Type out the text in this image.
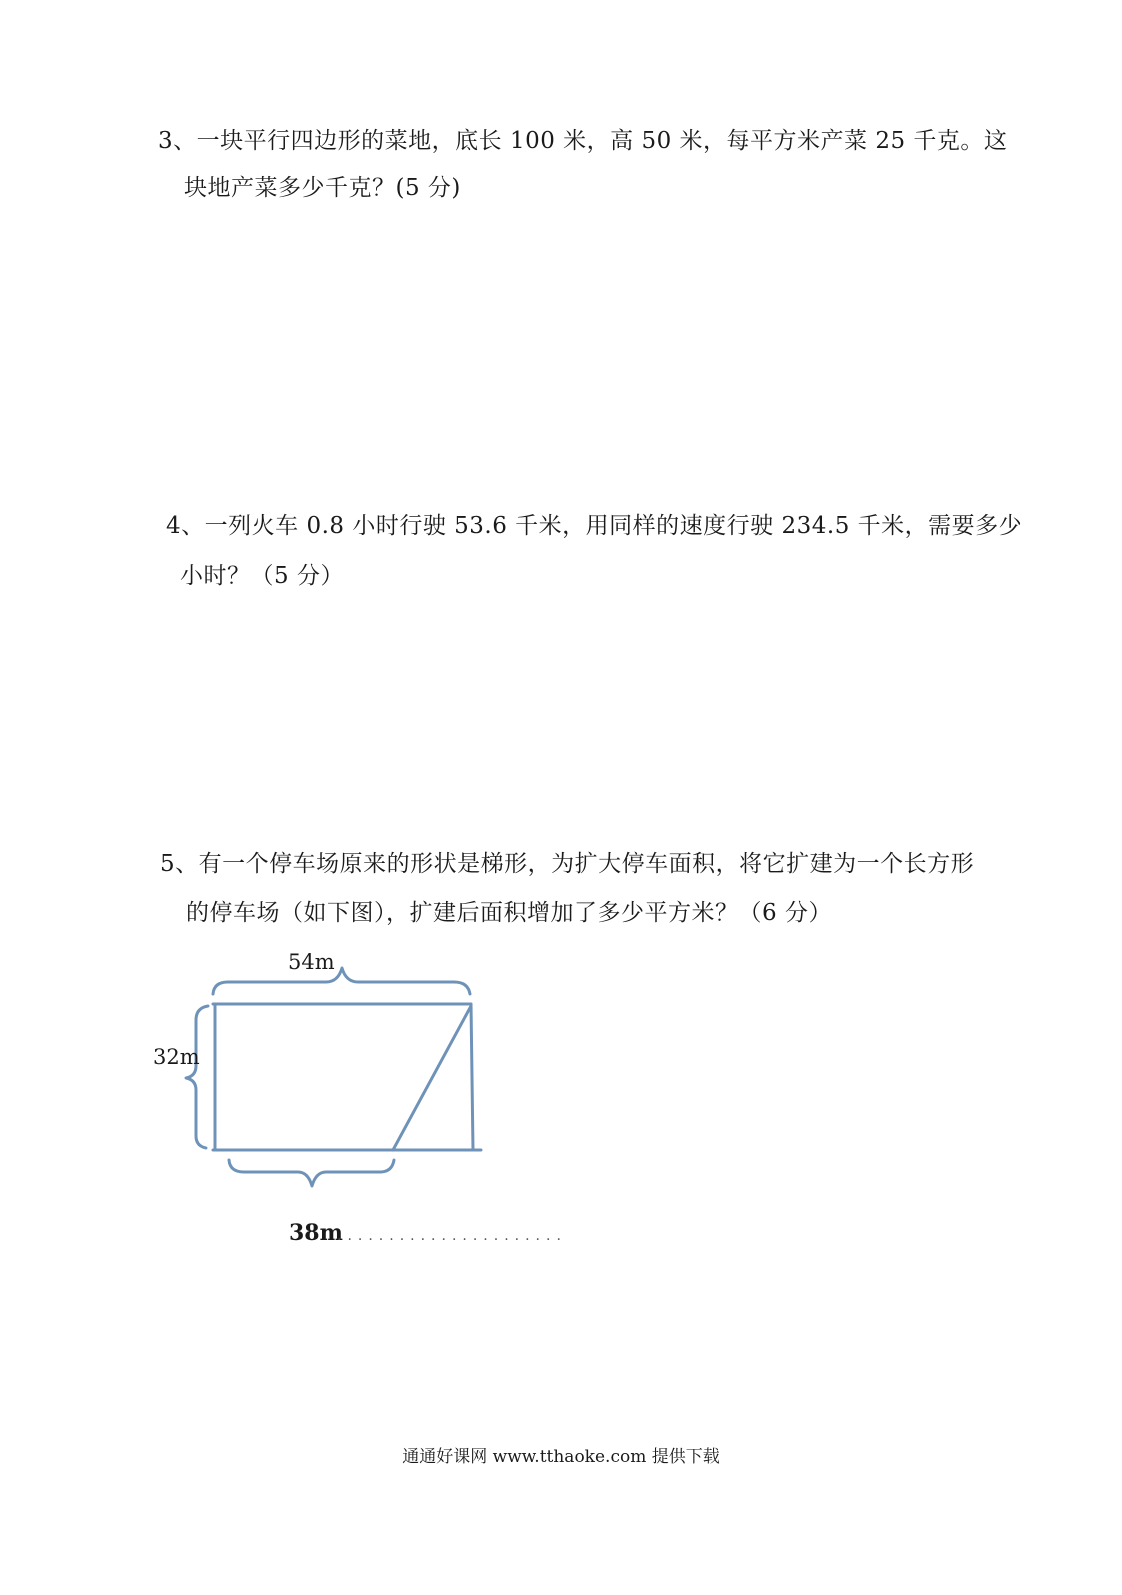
3、一块平行四边形的菜地，底长 100 米，高 50 米，每平方米产菜 25 千克。这
块地产菜多少千克？(5 分)
4、一列火车 0.8 小时行驶 53.6 千米，用同样的速度行驶 234.5 千米，需要多少
小时？（5 分）
5、有一个停车场原来的形状是梯形，为扩大停车面积，将它扩建为一个长方形
的停车场（如下图），扩建后面积增加了多少平方米？（6 分）
54m
32m
38m
......................
通通好课网 www.tthaoke.com 提供下载
